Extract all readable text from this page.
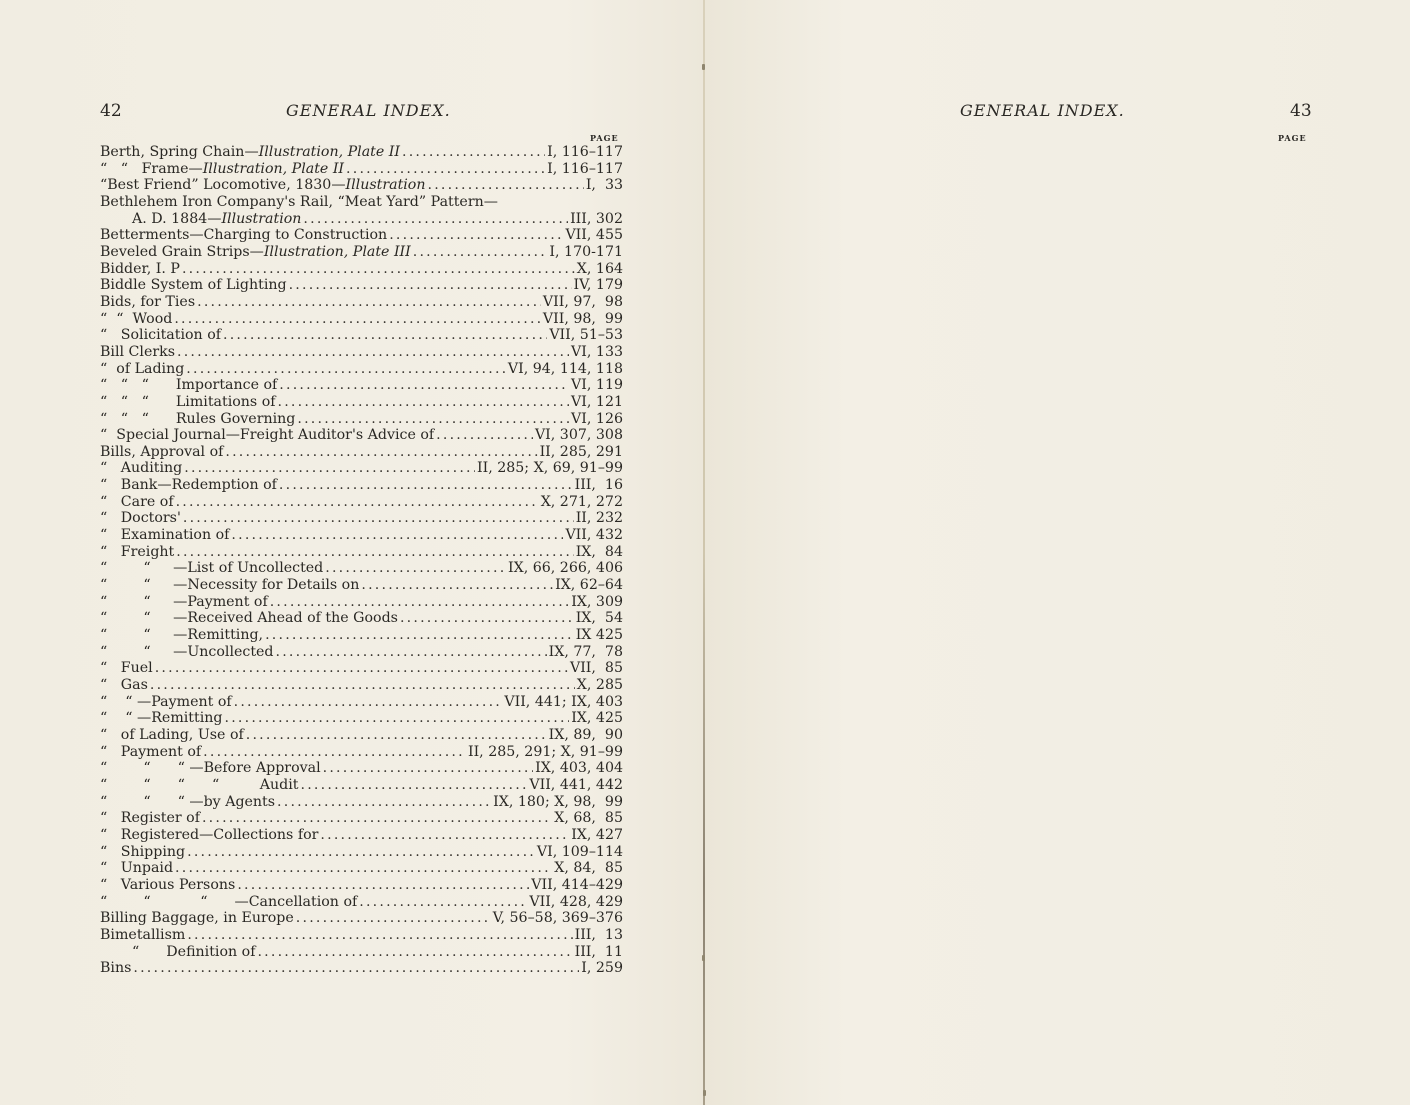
42	GENERAL INDEX.
PAGE
Berth, Spring Chain—Illustration, Plate II .....	I, 116–117
“   “   Frame—Illustration, Plate II .....	I, 116–117
“Best Friend” Locomotive, 1830—Illustration .....	I,  33
Bethlehem Iron Company's Rail, “Meat Yard” Pattern—
A. D. 1884—Illustration .....	III, 302
Betterments—Charging to Construction .....	VII, 455
Beveled Grain Strips—Illustration, Plate III .....	I, 170-171
Bidder, I. P .....	X, 164
Biddle System of Lighting .....	IV, 179
Bids, for Ties .....	VII, 97,  98
“  “  Wood .....	VII, 98,  99
“   Solicitation of .....	VII, 51–53
Bill Clerks .....	VI, 133
“  of Lading .....	VI, 94, 114, 118
“   “   “      Importance of .....	VI, 119
“   “   “      Limitations of .....	VI, 121
“   “   “      Rules Governing .....	VI, 126
“  Special Journal—Freight Auditor's Advice of .....	VI, 307, 308
Bills, Approval of .....	II, 285, 291
“   Auditing .....	II, 285; X, 69, 91–99
“   Bank—Redemption of .....	III,  16
“   Care of .....	X, 271, 272
“   Doctors' .....	II, 232
“   Examination of .....	VII, 432
“   Freight .....	IX,  84
“        “     —List of Uncollected .....	IX, 66, 266, 406
“        “     —Necessity for Details on .....	IX, 62–64
“        “     —Payment of .....	IX, 309
“        “     —Received Ahead of the Goods .....	IX,  54
“        “     —Remitting, .....	IX 425
“        “     —Uncollected .....	IX, 77,  78
“   Fuel .....	VII,  85
“   Gas .....	X, 285
“    “ —Payment of .....	VII, 441; IX, 403
“    “ —Remitting .....	IX, 425
“   of Lading, Use of .....	IX, 89,  90
“   Payment of .....	II, 285, 291; X, 91–99
“        “      “ —Before Approval .....	IX, 403, 404
“        “      “      “         Audit .....	VII, 441, 442
“        “      “ —by Agents .....	IX, 180; X, 98,  99
“   Register of .....	X, 68,  85
“   Registered—Collections for .....	IX, 427
“   Shipping .....	VI, 109–114
“   Unpaid .....	X, 84,  85
“   Various Persons .....	VII, 414–429
“        “           “      —Cancellation of .....	VII, 428, 429
Billing Baggage, in Europe .....	V, 56–58, 369–376
Bimetallism .....	III,  13
“      Definition of .....	III,  11
Bins .....	I, 259
GENERAL INDEX.	43
PAGE
